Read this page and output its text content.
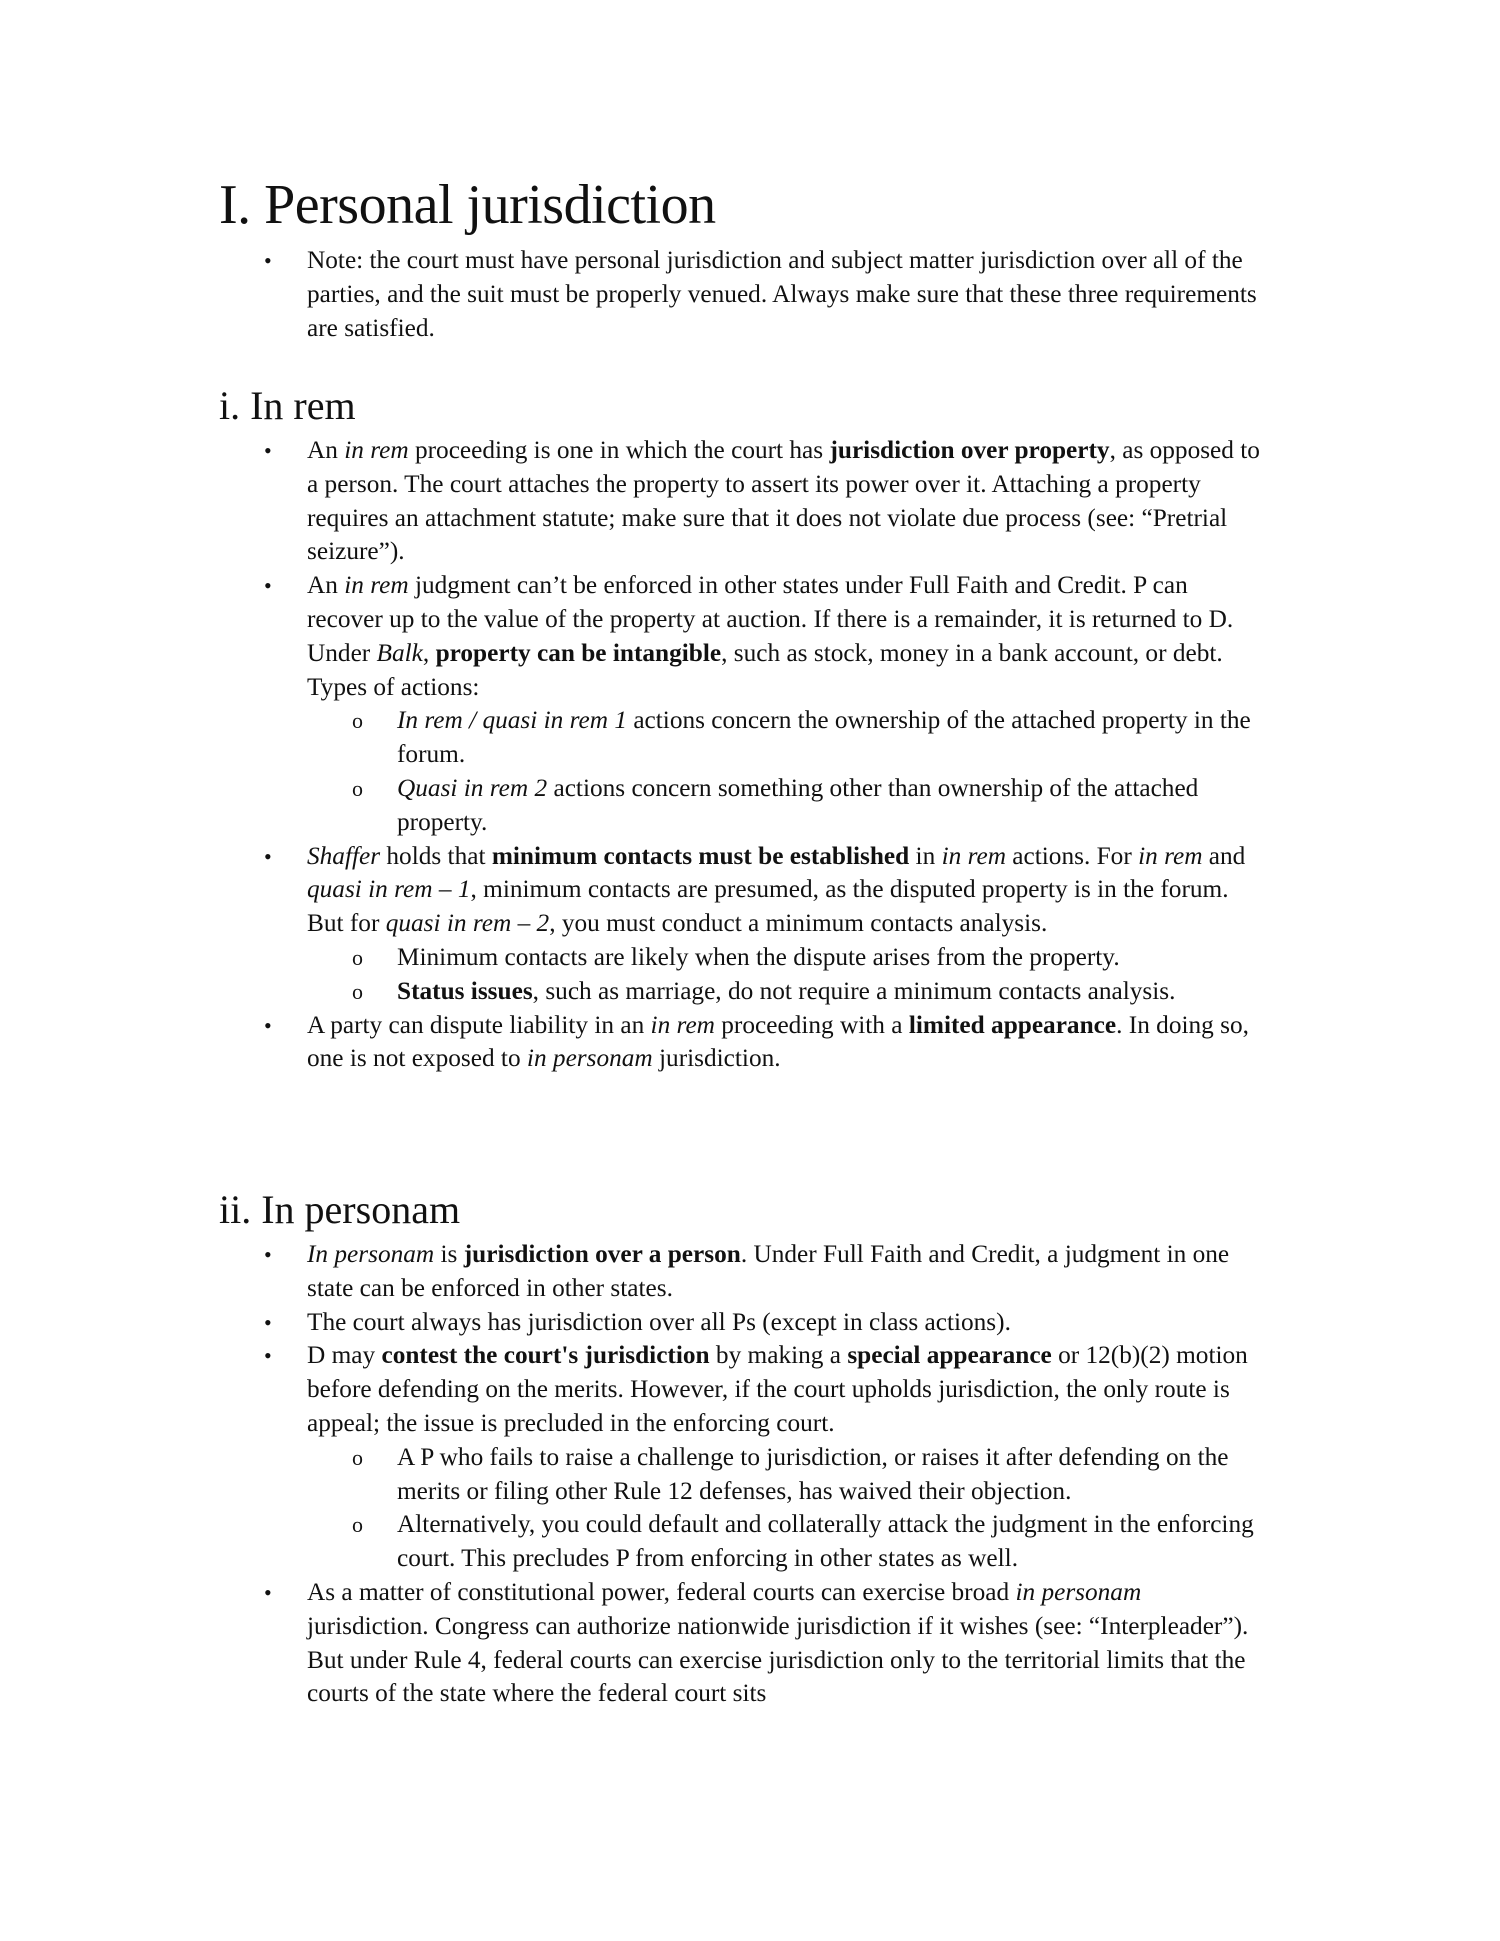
I. Personal jurisdiction
• Note: the court must have personal jurisdiction and subject matter jurisdiction over all of the parties, and the suit must be properly venued. Always make sure that these three requirements are satisfied.
i. In rem
• An in rem proceeding is one in which the court has jurisdiction over property, as opposed to a person. The court attaches the property to assert its power over it. Attaching a property requires an attachment statute; make sure that it does not violate due process (see: “Pretrial seizure”).
• An in rem judgment can’t be enforced in other states under Full Faith and Credit. P can recover up to the value of the property at auction. If there is a remainder, it is returned to D. Under Balk, property can be intangible, such as stock, money in a bank account, or debt. Types of actions:
o In rem / quasi in rem 1 actions concern the ownership of the attached property in the forum.
o Quasi in rem 2 actions concern something other than ownership of the attached property.
• Shaffer holds that minimum contacts must be established in in rem actions. For in rem and quasi in rem – 1, minimum contacts are presumed, as the disputed property is in the forum. But for quasi in rem – 2, you must conduct a minimum contacts analysis.
o Minimum contacts are likely when the dispute arises from the property.
o Status issues, such as marriage, do not require a minimum contacts analysis.
• A party can dispute liability in an in rem proceeding with a limited appearance. In doing so, one is not exposed to in personam jurisdiction.
ii. In personam
• In personam is jurisdiction over a person. Under Full Faith and Credit, a judgment in one state can be enforced in other states.
• The court always has jurisdiction over all Ps (except in class actions).
• D may contest the court's jurisdiction by making a special appearance or 12(b)(2) motion before defending on the merits. However, if the court upholds jurisdiction, the only route is appeal; the issue is precluded in the enforcing court.
o A P who fails to raise a challenge to jurisdiction, or raises it after defending on the merits or filing other Rule 12 defenses, has waived their objection.
o Alternatively, you could default and collaterally attack the judgment in the enforcing court. This precludes P from enforcing in other states as well.
• As a matter of constitutional power, federal courts can exercise broad in personam jurisdiction. Congress can authorize nationwide jurisdiction if it wishes (see: “Interpleader”). But under Rule 4, federal courts can exercise jurisdiction only to the territorial limits that the courts of the state where the federal court sits
